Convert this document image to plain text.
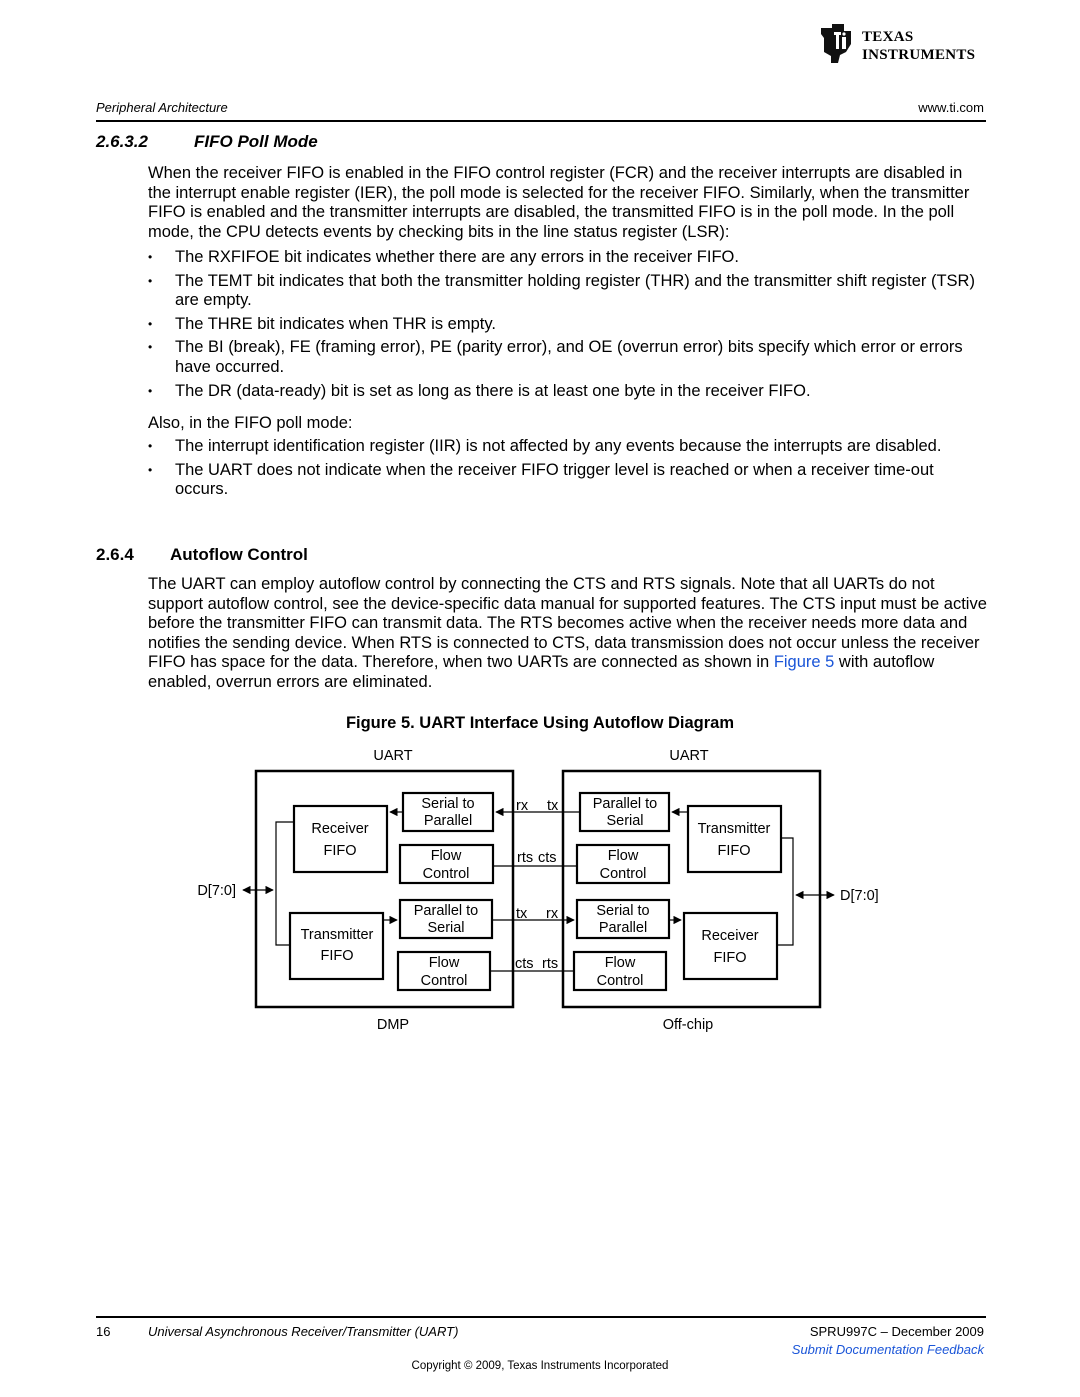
TEXAS
INSTRUMENTS
Peripheral Architecture	www.ti.com
2.6.3.2	FIFO Poll Mode
When the receiver FIFO is enabled in the FIFO control register (FCR) and the receiver interrupts are disabled in the interrupt enable register (IER), the poll mode is selected for the receiver FIFO. Similarly, when the transmitter FIFO is enabled and the transmitter interrupts are disabled, the transmitted FIFO is in the poll mode. In the poll mode, the CPU detects events by checking bits in the line status register (LSR):
• The RXFIFOE bit indicates whether there are any errors in the receiver FIFO.
• The TEMT bit indicates that both the transmitter holding register (THR) and the transmitter shift register (TSR) are empty.
• The THRE bit indicates when THR is empty.
• The BI (break), FE (framing error), PE (parity error), and OE (overrun error) bits specify which error or errors have occurred.
• The DR (data-ready) bit is set as long as there is at least one byte in the receiver FIFO.
Also, in the FIFO poll mode:
• The interrupt identification register (IIR) is not affected by any events because the interrupts are disabled.
• The UART does not indicate when the receiver FIFO trigger level is reached or when a receiver time-out occurs.
2.6.4 Autoflow Control
The UART can employ autoflow control by connecting the CTS and RTS signals. Note that all UARTs do not support autoflow control, see the device-specific data manual for supported features. The CTS input must be active before the transmitter FIFO can transmit data. The RTS becomes active when the receiver needs more data and notifies the sending device. When RTS is connected to CTS, data transmission does not occur unless the receiver FIFO has space for the data. Therefore, when two UARTs are connected as shown in Figure 5 with autoflow enabled, overrun errors are eliminated.
Figure 5. UART Interface Using Autoflow Diagram
UART	UART
Receiver
FIFO
Serial to
Parallel
Flow
Control
Transmitter
FIFO
Parallel to
Serial
Flow
Control
D[7:0]
Parallel to
Serial	Transmitter
FIFO
Flow
Control
Serial to
Parallel	Receiver
FIFO
Flow
Control
D[7:0]
rx tx
rts cts
tx rx
cts rts
DMP	Off-chip
16	Universal Asynchronous Receiver/Transmitter (UART)	SPRU997C – December 2009
Submit Documentation Feedback
Copyright © 2009, Texas Instruments Incorporated
